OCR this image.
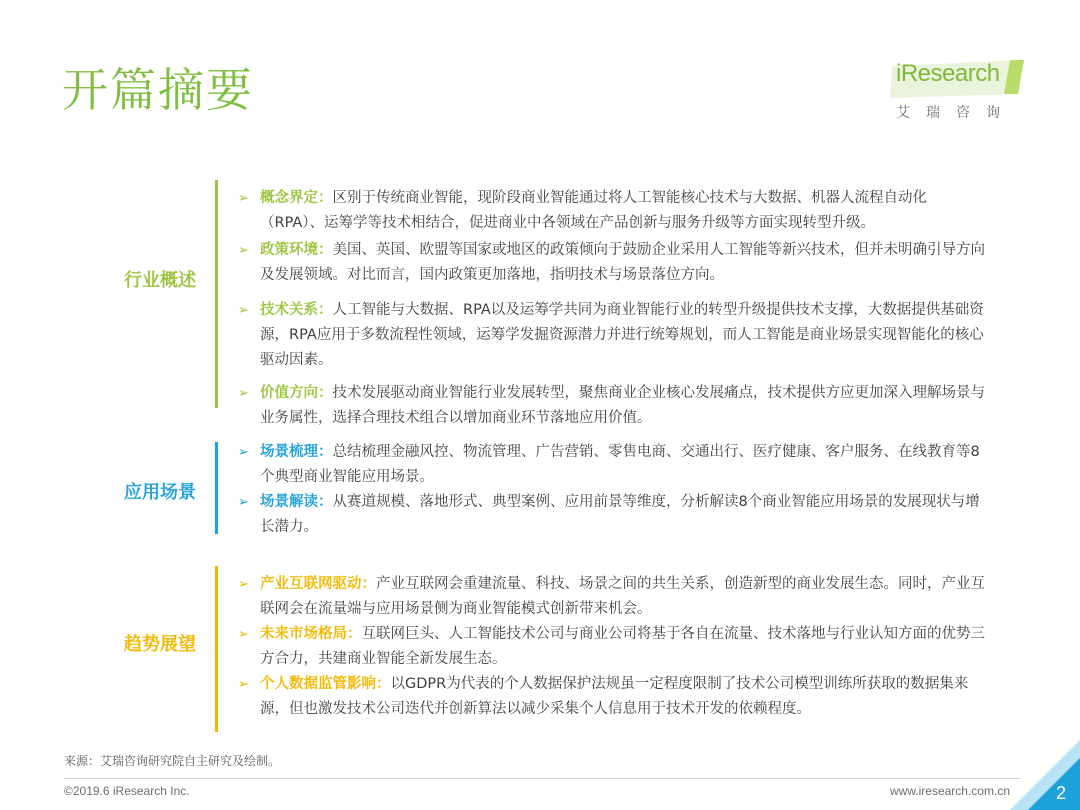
开篇摘要	iResearch
艾瑞咨询
行业概述
➢ 概念界定：区别于传统商业智能，现阶段商业智能通过将人工智能核心技术与大数据、机器人流程自动化（RPA）、运筹学等技术相结合，促进商业中各领域在产品创新与服务升级等方面实现转型升级。
➢ 政策环境：美国、英国、欧盟等国家或地区的政策倾向于鼓励企业采用人工智能等新兴技术，但并未明确引导方向及发展领域。对比而言，国内政策更加落地，指明技术与场景落位方向。
➢ 技术关系：人工智能与大数据、RPA以及运筹学共同为商业智能行业的转型升级提供技术支撑，大数据提供基础资源，RPA应用于多数流程性领域，运筹学发掘资源潜力并进行统筹规划，而人工智能是商业场景实现智能化的核心驱动因素。
➢ 价值方向：技术发展驱动商业智能行业发展转型，聚焦商业企业核心发展痛点，技术提供方应更加深入理解场景与业务属性，选择合理技术组合以增加商业环节落地应用价值。
应用场景
➢ 场景梳理：总结梳理金融风控、物流管理、广告营销、零售电商、交通出行、医疗健康、客户服务、在线教育等8个典型商业智能应用场景。
➢ 场景解读：从赛道规模、落地形式、典型案例、应用前景等维度，分析解读8个商业智能应用场景的发展现状与增长潜力。
趋势展望
➢ 产业互联网驱动：产业互联网会重建流量、科技、场景之间的共生关系，创造新型的商业发展生态。同时，产业互联网会在流量端与应用场景侧为商业智能模式创新带来机会。
➢ 未来市场格局：互联网巨头、人工智能技术公司与商业公司将基于各自在流量、技术落地与行业认知方面的优势三方合力，共建商业智能全新发展生态。
➢ 个人数据监管影响：以GDPR为代表的个人数据保护法规虽一定程度限制了技术公司模型训练所获取的数据集来源，但也激发技术公司迭代并创新算法以减少采集个人信息用于技术开发的依赖程度。
来源：艾瑞咨询研究院自主研究及绘制。
©2019.6 iResearch Inc.	www.iresearch.com.cn	2
